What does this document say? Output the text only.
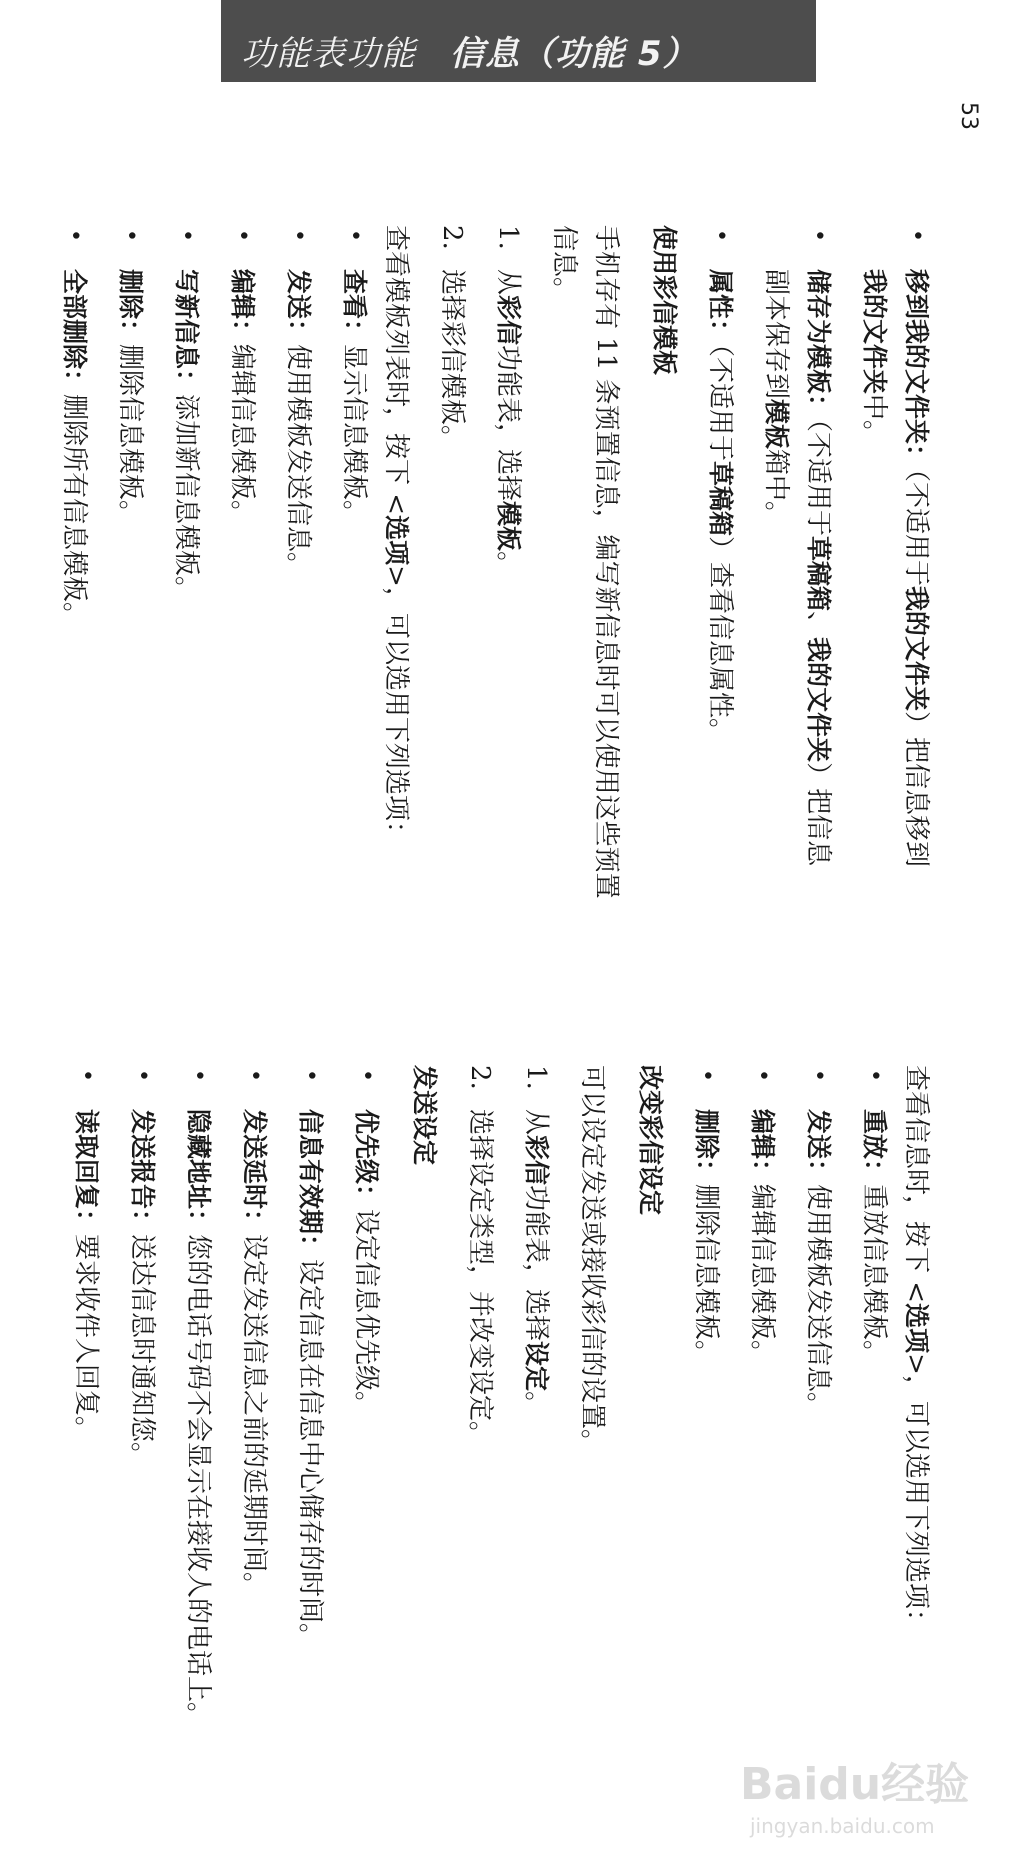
功能表功能 信息（功能 5）
53
•
移到我的文件夹：（不适用于我的文件夹）把信息移到
我的文件夹中。
•
储存为模板：（不适用于草稿箱、我的文件夹）把信息
副本保存到模板箱中。
•
属性：（不适用于草稿箱）查看信息属性。
使用彩信模板
手机存有 11 条预置信息，编写新信息时可以使用这些预置
信息。
1.从彩信功能表，选择模板。
2.选择彩信模板。
查看模板列表时，按下 <选项>，可以选用下列选项：
•
查看：显示信息模板。
•
发送：使用模板发送信息。
•
编辑：编辑信息模板。
•
写新信息：添加新信息模板。
•
删除：删除信息模板。
•
全部删除：删除所有信息模板。
查看信息时，按下 <选项>，可以选用下列选项：
•
重放：重放信息模板。
•
发送：使用模板发送信息。
•
编辑：编辑信息模板。
•
删除：删除信息模板。
改变彩信设定
可以设定发送或接收彩信的设置。
1.从彩信功能表，选择设定。
2.选择设定类型，并改变设定。
发送设定
•
优先级：设定信息优先级。
•
信息有效期：设定信息在信息中心储存的时间。
•
发送延时：设定发送信息之前的延期时间。
•
隐藏地址：您的电话号码不会显示在接收人的电话上。
•
发送报告：送达信息时通知您。
•
读取回复：要求收件人回复。
Baidu经验
jingyan.baidu.com
